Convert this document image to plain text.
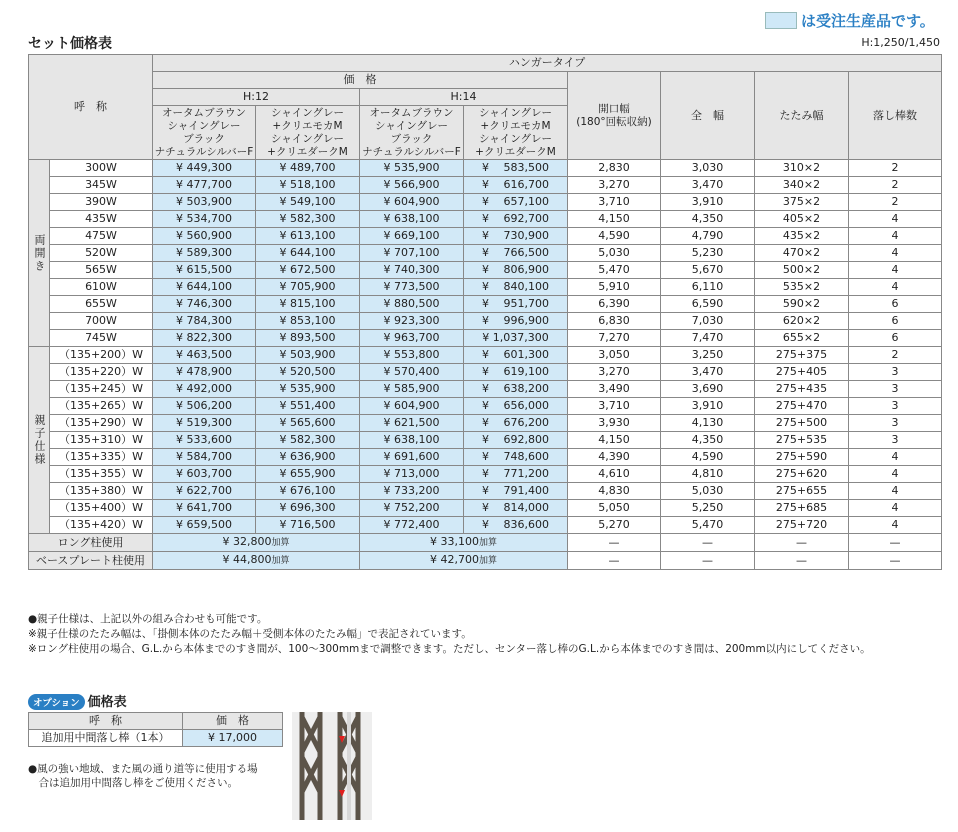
は受注生産品です。
セット価格表	H:1,250/1,450
呼　称		ハンガータイプ							
		価　格				開口幅
(180°回転収納)	全　幅	たたみ幅	落し棒数
		H:12		H:14					
		オータムブラウン
シャイングレー
ブラック
ナチュラルシルバーF	シャイングレー
+クリエモカM
シャイングレー
+クリエダークM	オータムブラウン
シャイングレー
ブラック
ナチュラルシルバーF	シャイングレー
+クリエモカM
シャイングレー
+クリエダークM				
両開き	300W	¥ 449,300	¥ 489,700	¥ 535,900	¥　 583,500	2,830	3,030	310×2	2
	345W	¥ 477,700	¥ 518,100	¥ 566,900	¥　 616,700	3,270	3,470	340×2	2
	390W	¥ 503,900	¥ 549,100	¥ 604,900	¥　 657,100	3,710	3,910	375×2	2
	435W	¥ 534,700	¥ 582,300	¥ 638,100	¥　 692,700	4,150	4,350	405×2	4
	475W	¥ 560,900	¥ 613,100	¥ 669,100	¥　 730,900	4,590	4,790	435×2	4
	520W	¥ 589,300	¥ 644,100	¥ 707,100	¥　 766,500	5,030	5,230	470×2	4
	565W	¥ 615,500	¥ 672,500	¥ 740,300	¥　 806,900	5,470	5,670	500×2	4
	610W	¥ 644,100	¥ 705,900	¥ 773,500	¥　 840,100	5,910	6,110	535×2	4
	655W	¥ 746,300	¥ 815,100	¥ 880,500	¥　 951,700	6,390	6,590	590×2	6
	700W	¥ 784,300	¥ 853,100	¥ 923,300	¥　 996,900	6,830	7,030	620×2	6
	745W	¥ 822,300	¥ 893,500	¥ 963,700	¥ 1,037,300	7,270	7,470	655×2	6
親子仕様	（135+200）W	¥ 463,500	¥ 503,900	¥ 553,800	¥　 601,300	3,050	3,250	275+375	2
	（135+220）W	¥ 478,900	¥ 520,500	¥ 570,400	¥　 619,100	3,270	3,470	275+405	3
	（135+245）W	¥ 492,000	¥ 535,900	¥ 585,900	¥　 638,200	3,490	3,690	275+435	3
	（135+265）W	¥ 506,200	¥ 551,400	¥ 604,900	¥　 656,000	3,710	3,910	275+470	3
	（135+290）W	¥ 519,300	¥ 565,600	¥ 621,500	¥　 676,200	3,930	4,130	275+500	3
	（135+310）W	¥ 533,600	¥ 582,300	¥ 638,100	¥　 692,800	4,150	4,350	275+535	3
	（135+335）W	¥ 584,700	¥ 636,900	¥ 691,600	¥　 748,600	4,390	4,590	275+590	4
	（135+355）W	¥ 603,700	¥ 655,900	¥ 713,000	¥　 771,200	4,610	4,810	275+620	4
	（135+380）W	¥ 622,700	¥ 676,100	¥ 733,200	¥　 791,400	4,830	5,030	275+655	4
	（135+400）W	¥ 641,700	¥ 696,300	¥ 752,200	¥　 814,000	5,050	5,250	275+685	4
	（135+420）W	¥ 659,500	¥ 716,500	¥ 772,400	¥　 836,600	5,270	5,470	275+720	4
ロング柱使用		¥ 32,800加算		¥ 33,100加算		—	—	—	—
ベースプレート柱使用		¥ 44,800加算		¥ 42,700加算		—	—	—	—
●親子仕様は、上記以外の組み合わせも可能です。
※親子仕様のたたみ幅は、「掛側本体のたたみ幅＋受側本体のたたみ幅」で表記されています。
※ロング柱使用の場合、G.L.から本体までのすき間が、100～300mmまで調整できます。ただし、センター落し棒のG.L.から本体までのすき間は、200mm以内にしてください。
オプション 価格表
呼　称	価　格
追加用中間落し棒（1本）	¥ 17,000
●風の強い地域、また風の通り道等に使用する場
　合は追加用中間落し棒をご使用ください。
